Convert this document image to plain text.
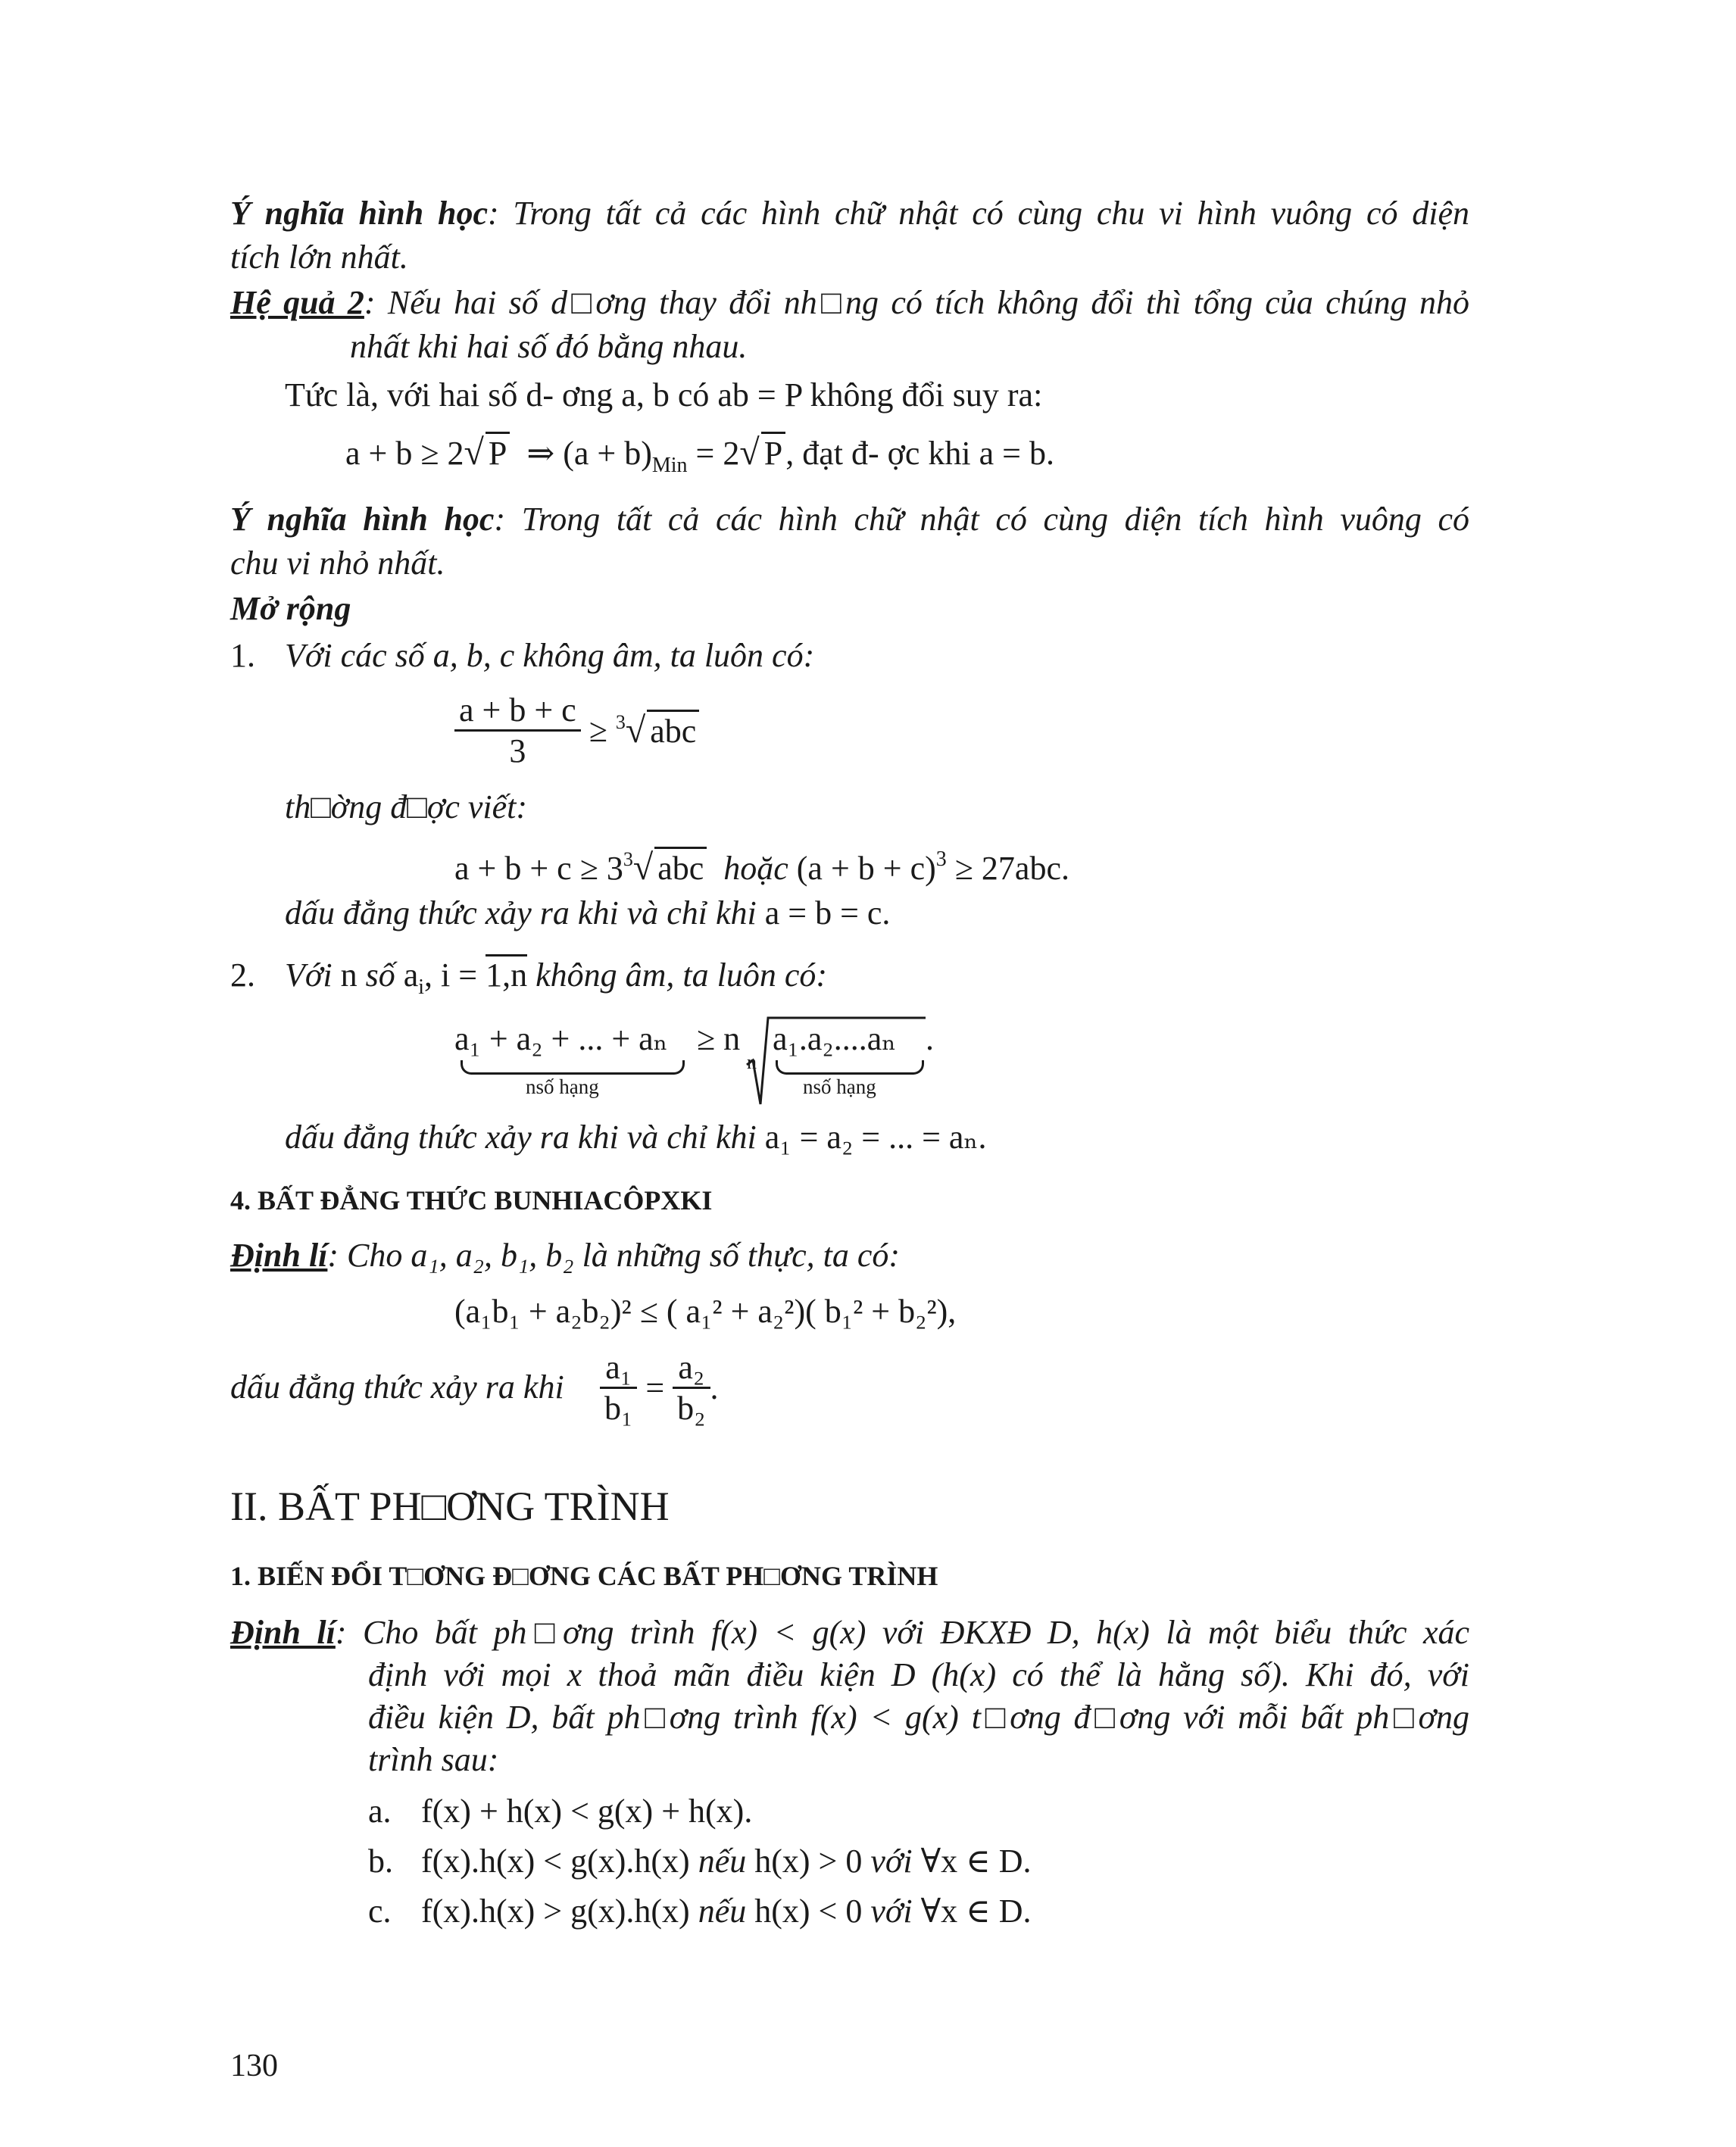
Ý nghĩa hình học: Trong tất cả các hình chữ nhật có cùng chu vi hình vuông có diện
tích lớn nhất.
Hệ quả 2: Nếu hai số d□ơng thay đổi nh□ng có tích không đổi thì tổng của chúng nhỏ
nhất khi hai số đó bằng nhau.
Tức là, với hai số d- ơng a, b có ab = P không đổi suy ra:
a + b ≥ 2√ P ⇒ $(a + b)_{Min} = 2√$ P, đạt đ- ợc khi a = b.
Ý nghĩa hình học: Trong tất cả các hình chữ nhật có cùng diện tích hình vuông có
chu vi nhỏ nhất.
Mở rộng
1. Với các số a, b, c không âm, ta luôn có:
$\frac{a + b + c}{3} \ge ^3√$ abc
th□ờng đ□ợc viết:
$a + b + c \ge 3^3√$ abc hoặc $(a + b + c)^3 \ge 27abc$.
dấu đẳng thức xảy ra khi và chỉ khi a = b = c.
2. Với n số $a_i$, i = 1,n không âm, ta luôn có:
a₁ + a₂ + ... + aₙ
nsố hạng
≥ n
n
a₁.a₂....aₙ .
nsố hạng
dấu đẳng thức xảy ra khi và chỉ khi a₁ = a₂ = ... = aₙ.
4. BẤT ĐẲNG THỨC BUNHIACÔPXKI
Định lí: Cho a₁, a₂, b₁, b₂ là những số thực, ta có:
(a₁b₁ + a₂b₂)² ≤ ( a₁² + a₂²)( b₁² + b₂²),
dấu đẳng thức xảy ra khi $\frac{\text{a₁}}{\text{b₁}} = \frac{\text{a₂}}{\text{b₂}}$ .
II. BẤT PH□ƠNG TRÌNH
1. BIẾN ĐỔI T□ƠNG Đ□ƠNG CÁC BẤT PH□ƠNG TRÌNH
Định lí: Cho bất ph□ơng trình f(x) < g(x) với ĐKXĐ D, h(x) là một biểu thức xác
định với mọi x thoả mãn điều kiện D (h(x) có thể là hằng số). Khi đó, với
điều kiện D, bất ph□ơng trình f(x) < g(x) t□ơng đ□ơng với mỗi bất ph□ơng
trình sau:
a. f(x) + h(x) < g(x) + h(x).
b. f(x).h(x) < g(x).h(x) nếu h(x) > 0 với ∀x ∈ D.
c. f(x).h(x) > g(x).h(x) nếu h(x) < 0 với ∀x ∈ D.
130
